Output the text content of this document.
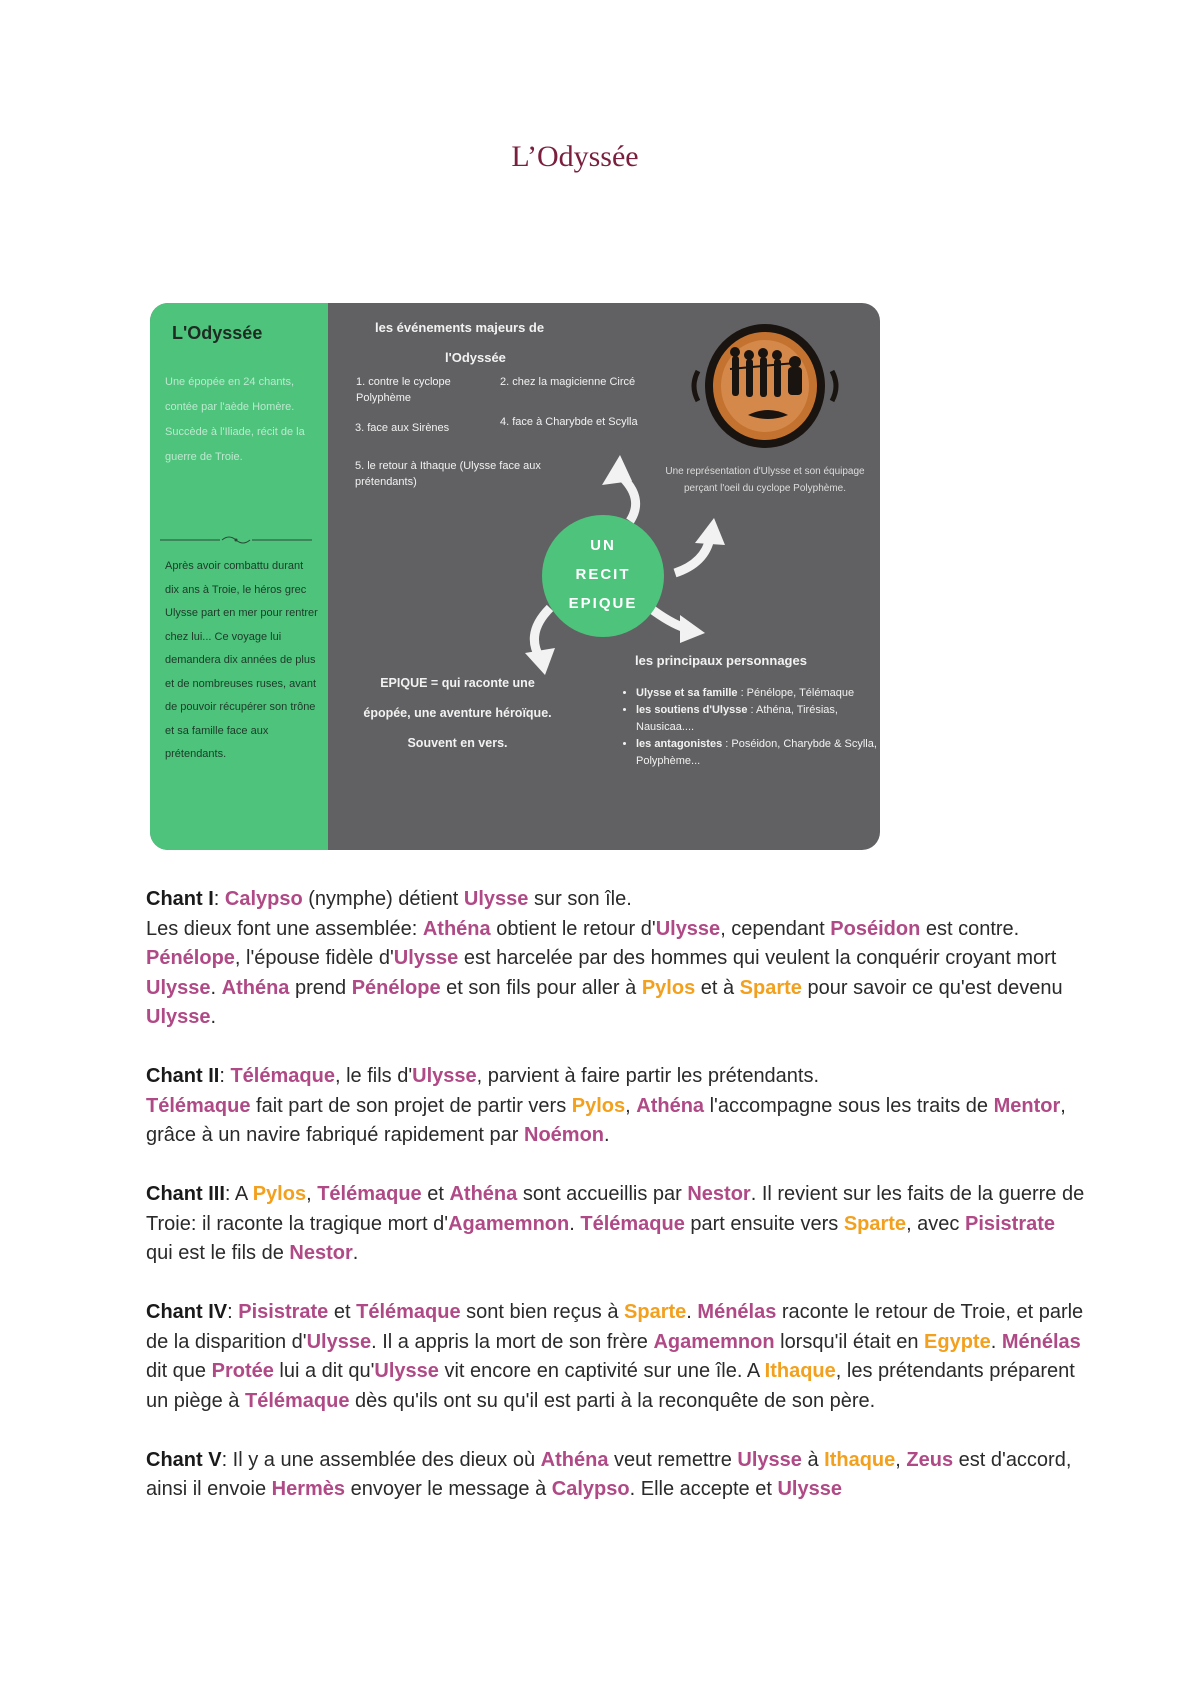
L’Odyssée
L'Odyssée
Une épopée en 24 chants, contée par l'aède Homère. Succède à l'Iliade, récit de la guerre de Troie.
Après avoir combattu durant dix ans à Troie, le héros grec Ulysse part en mer pour rentrer chez lui... Ce voyage lui demandera dix années de plus et de nombreuses ruses, avant de pouvoir récupérer son trône et sa famille face aux prétendants.
les événements majeurs de
l'Odyssée
1. contre le cyclope Polyphème
2. chez la magicienne Circé
3. face aux Sirènes	4. face à Charybde et Scylla
5. le retour à Ithaque (Ulysse face aux prétendants)
UN
RECIT
EPIQUE
Une représentation d'Ulysse et son équipage perçant l'oeil du cyclope Polyphème.
EPIQUE = qui raconte une
épopée, une aventure héroïque.
Souvent en vers.
les principaux personnages
• Ulysse et sa famille : Pénélope, Télémaque
• les soutiens d'Ulysse : Athéna, Tirésias, Nausicaa....
• les antagonistes : Poséidon, Charybde & Scylla, Polyphème...

Chant I: Calypso (nymphe) détient Ulysse sur son île.
Les dieux font une assemblée: Athéna obtient le retour d'Ulysse, cependant Poséidon est contre. Pénélope, l'épouse fidèle d'Ulysse est harcelée par des hommes qui veulent la conquérir croyant mort Ulysse. Athéna prend Pénélope et son fils pour aller à Pylos et à Sparte pour savoir ce qu'est devenu Ulysse.

Chant II: Télémaque, le fils d'Ulysse, parvient à faire partir les prétendants.
Télémaque fait part de son projet de partir vers Pylos, Athéna l'accompagne sous les traits de Mentor, grâce à un navire fabriqué rapidement par Noémon.

Chant III: A Pylos, Télémaque et Athéna sont accueillis par Nestor. Il revient sur les faits de la guerre de Troie: il raconte la tragique mort d'Agamemnon. Télémaque part ensuite vers Sparte, avec Pisistrate qui est le fils de Nestor.

Chant IV: Pisistrate et Télémaque sont bien reçus à Sparte. Ménélas raconte le retour de Troie, et parle de la disparition d'Ulysse. Il a appris la mort de son frère Agamemnon lorsqu'il était en Egypte. Ménélas dit que Protée lui a dit qu'Ulysse vit encore en captivité sur une île. A Ithaque, les prétendants préparent un piège à Télémaque dès qu'ils ont su qu'il est parti à la reconquête de son père.

Chant V: Il y a une assemblée des dieux où Athéna veut remettre Ulysse à Ithaque, Zeus est d'accord, ainsi il envoie Hermès envoyer le message à Calypso. Elle accepte et Ulysse
